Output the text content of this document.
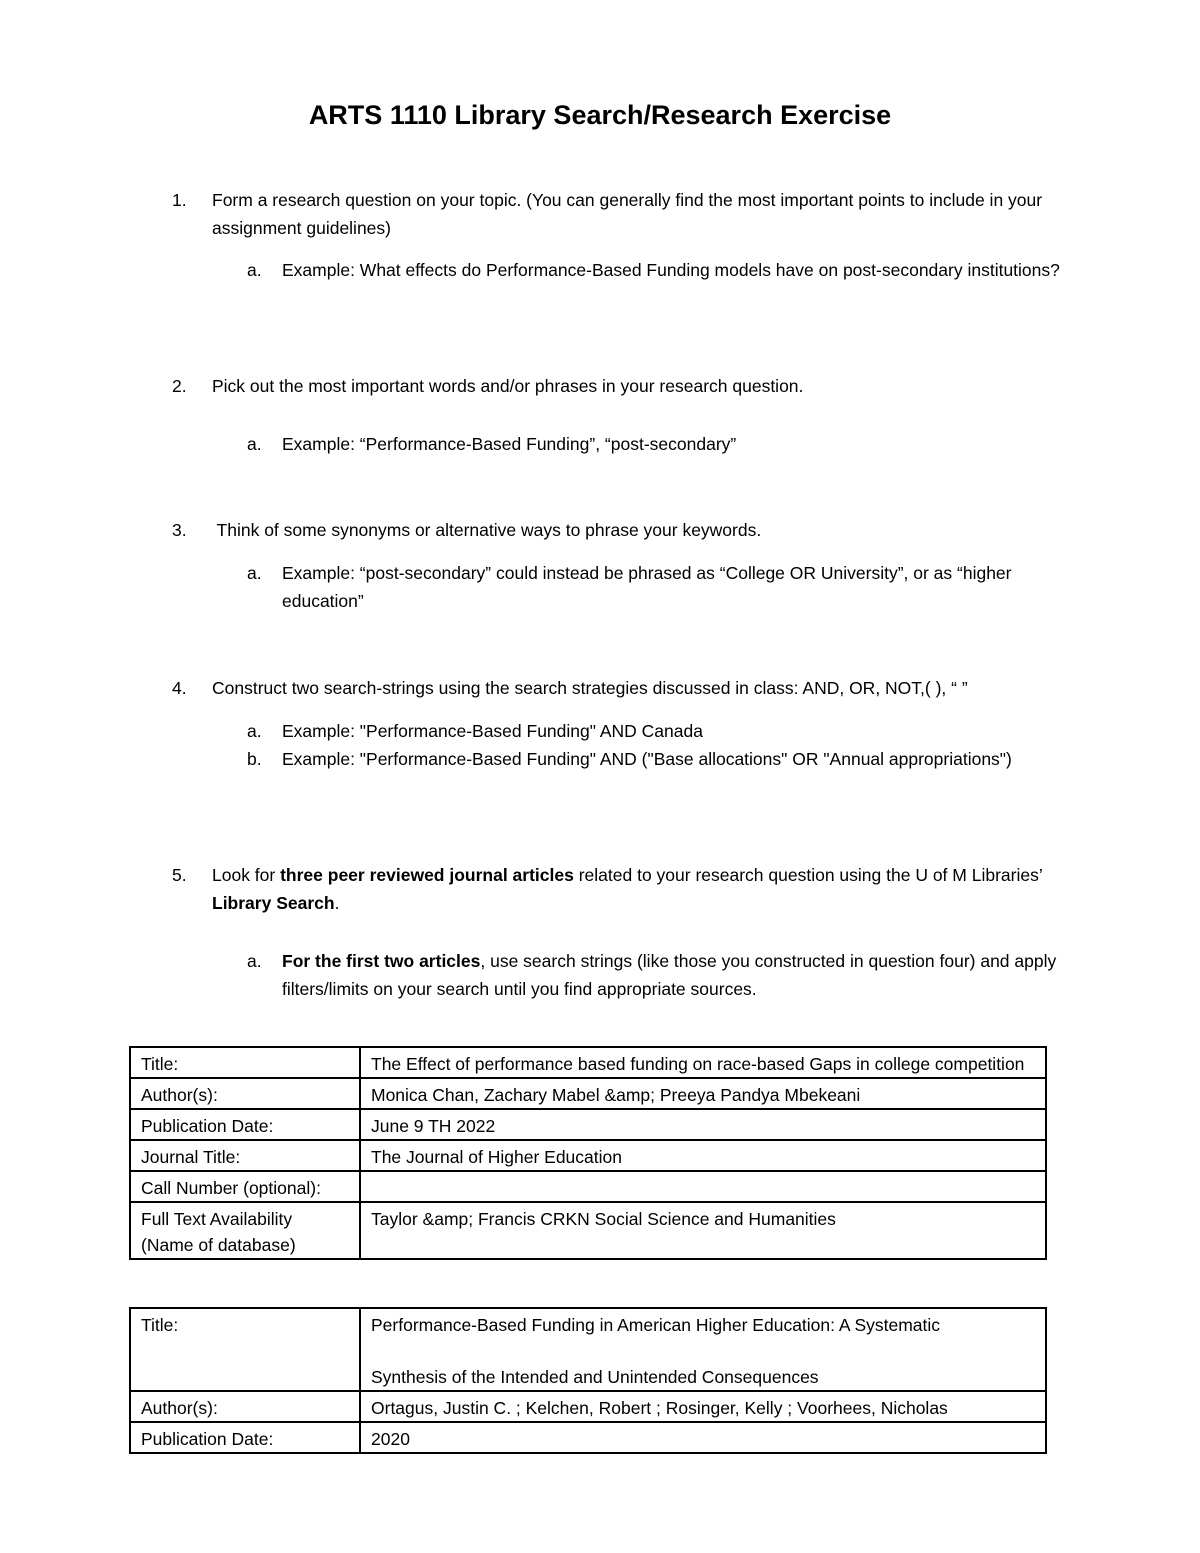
ARTS 1110 Library Search/Research Exercise
1. Form a research question on your topic. (You can generally find the most important points to include in your assignment guidelines)
a. Example: What effects do Performance-Based Funding models have on post-secondary institutions?
2. Pick out the most important words and/or phrases in your research question.
a. Example: “Performance-Based Funding”, “post-secondary”
3. Think of some synonyms or alternative ways to phrase your keywords.
a. Example: “post-secondary” could instead be phrased as “College OR University”, or as “higher education”
4. Construct two search-strings using the search strategies discussed in class: AND, OR, NOT,( ), “ ”
a. Example: "Performance-Based Funding" AND Canada
b. Example: "Performance-Based Funding" AND ("Base allocations" OR "Annual appropriations")
5. Look for three peer reviewed journal articles related to your research question using the U of M Libraries’ Library Search.
a. For the first two articles, use search strings (like those you constructed in question four) and apply filters/limits on your search until you find appropriate sources.
Title:	The Effect of performance based funding on race-based Gaps in college competition
Author(s):	Monica Chan, Zachary Mabel &amp; Preeya Pandya Mbekeani
Publication Date:	June 9 TH 2022
Journal Title:	The Journal of Higher Education
Call Number (optional):	
Full Text Availability (Name of database)	Taylor &amp; Francis CRKN Social Science and Humanities
Title:	Performance-Based Funding in American Higher Education: A Systematic
Synthesis of the Intended and Unintended Consequences

Author(s):	Ortagus, Justin C. ; Kelchen, Robert ; Rosinger, Kelly ; Voorhees, Nicholas
Publication Date:	2020
